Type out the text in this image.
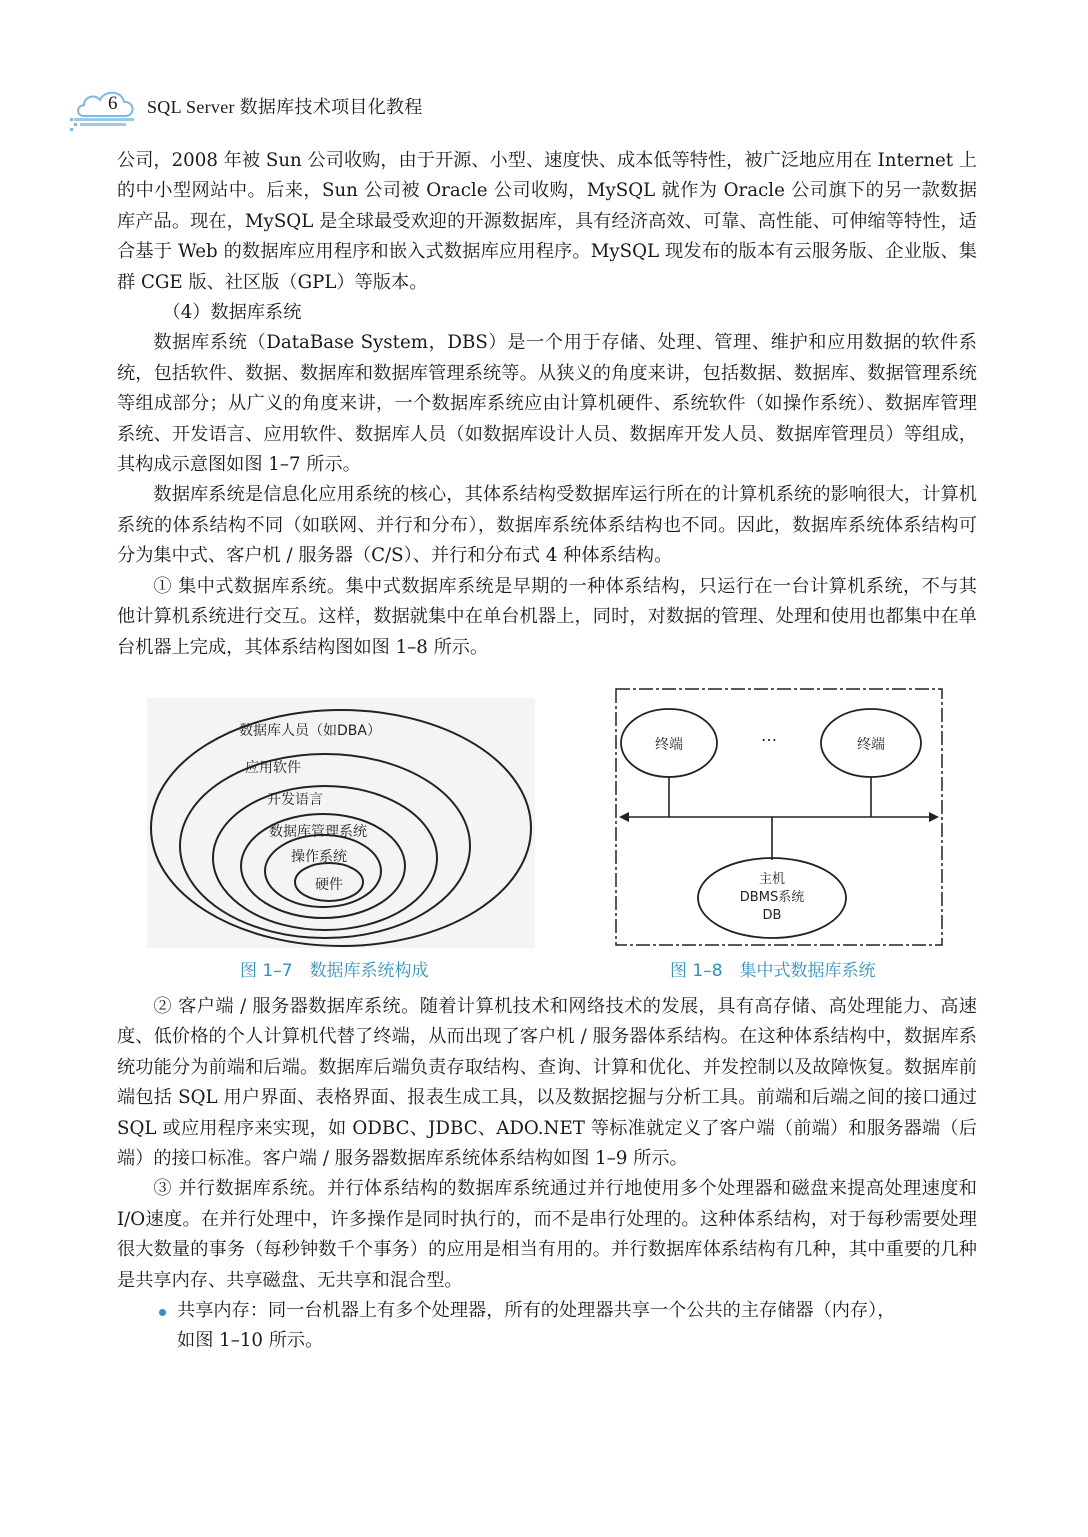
6 SQL Server 数据库技术项目化教程

公司，2008 年被 Sun 公司收购，由于开源、小型、速度快、成本低等特性，被广泛地应用在 Internet 上的中小型网站中。后来，Sun 公司被 Oracle 公司收购，MySQL 就作为 Oracle 公司旗下的另一款数据库产品。现在，MySQL 是全球最受欢迎的开源数据库，具有经济高效、可靠、高性能、可伸缩等特性，适合基于 Web 的数据库应用程序和嵌入式数据库应用程序。MySQL 现发布的版本有云服务版、企业版、集群 CGE 版、社区版（GPL）等版本。

（4）数据库系统

数据库系统（DataBase System，DBS）是一个用于存储、处理、管理、维护和应用数据的软件系统，包括软件、数据、数据库和数据库管理系统等。从狭义的角度来讲，包括数据、数据库、数据管理系统等组成部分；从广义的角度来讲，一个数据库系统应由计算机硬件、系统软件（如操作系统）、数据库管理系统、开发语言、应用软件、数据库人员（如数据库设计人员、数据库开发人员、数据库管理员）等组成，其构成示意图如图 1–7 所示。

数据库系统是信息化应用系统的核心，其体系结构受数据库运行所在的计算机系统的影响很大，计算机系统的体系结构不同（如联网、并行和分布），数据库系统体系结构也不同。因此，数据库系统体系结构可分为集中式、客户机 / 服务器（C/S）、并行和分布式 4 种体系结构。

① 集中式数据库系统。集中式数据库系统是早期的一种体系结构，只运行在一台计算机系统，不与其他计算机系统进行交互。这样，数据就集中在单台机器上，同时，对数据的管理、处理和使用也都集中在单台机器上完成，其体系结构图如图 1–8 所示。

数据库人员（如DBA）
应用软件
开发语言
数据库管理系统
操作系统
硬件
图 1–7　数据库系统构成
终端	终端
…
主机
DBMS系统
DB
图 1–8　集中式数据库系统

② 客户端 / 服务器数据库系统。随着计算机技术和网络技术的发展，具有高存储、高处理能力、高速度、低价格的个人计算机代替了终端，从而出现了客户机 / 服务器体系结构。在这种体系结构中，数据库系统功能分为前端和后端。数据库后端负责存取结构、查询、计算和优化、并发控制以及故障恢复。数据库前端包括 SQL 用户界面、表格界面、报表生成工具，以及数据挖掘与分析工具。前端和后端之间的接口通过 SQL 或应用程序来实现，如 ODBC、JDBC、ADO.NET 等标准就定义了客户端（前端）和服务器端（后端）的接口标准。客户端 / 服务器数据库系统体系结构如图 1–9 所示。

③ 并行数据库系统。并行体系结构的数据库系统通过并行地使用多个处理器和磁盘来提高处理速度和I/O速度。在并行处理中，许多操作是同时执行的，而不是串行处理的。这种体系结构，对于每秒需要处理很大数量的事务（每秒钟数千个事务）的应用是相当有用的。并行数据库体系结构有几种，其中重要的几种是共享内存、共享磁盘、无共享和混合型。

共享内存：同一台机器上有多个处理器，所有的处理器共享一个公共的主存储器（内存），

如图 1–10 所示。
